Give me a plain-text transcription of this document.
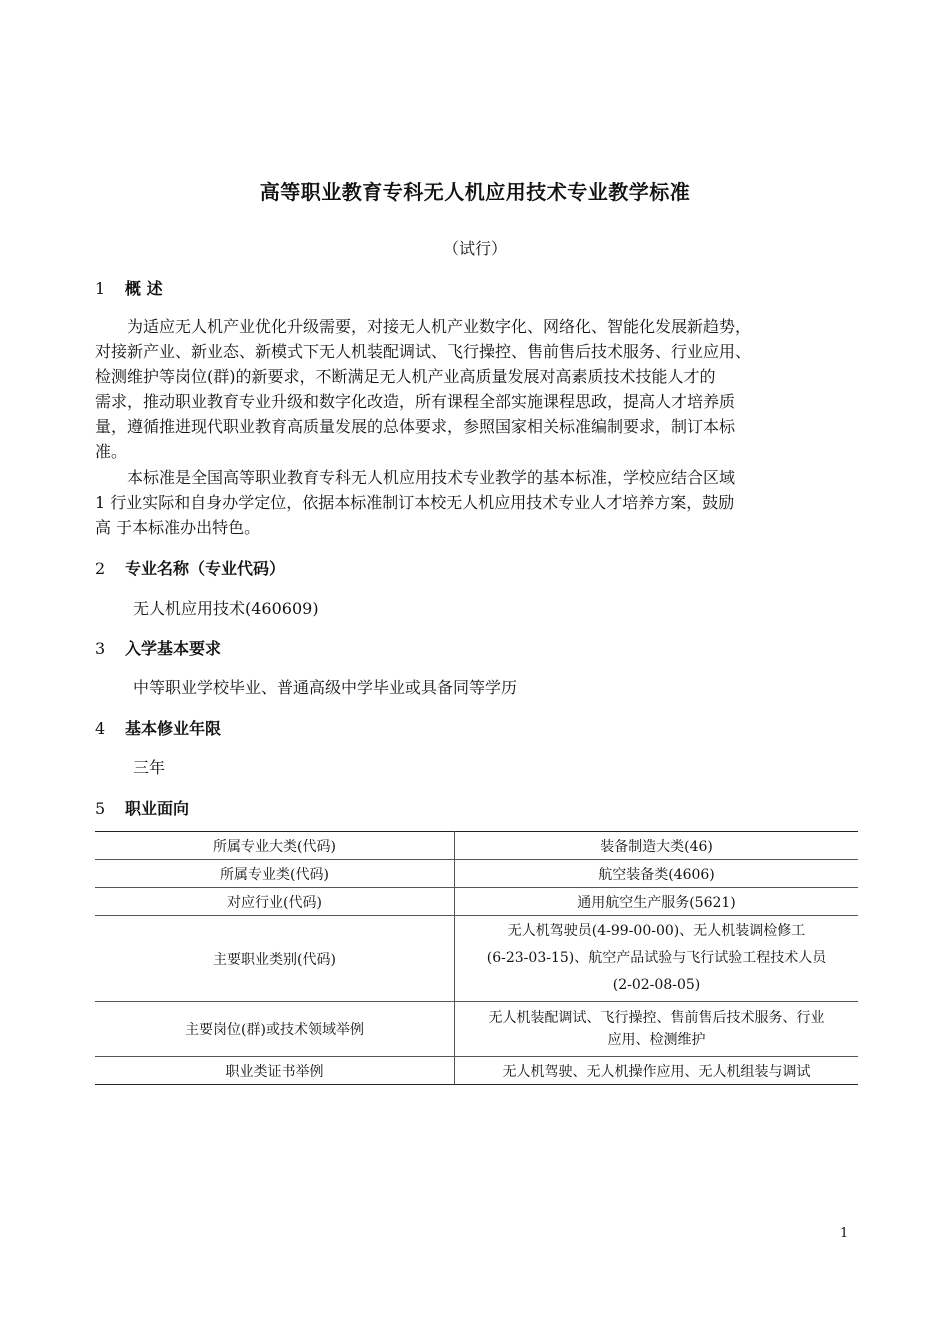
高等职业教育专科无人机应用技术专业教学标准
（试行）
1 概 述
　　为适应无人机产业优化升级需要，对接无人机产业数字化、网络化、智能化发展新趋势，
对接新产业、新业态、新模式下无人机装配调试、飞行操控、售前售后技术服务、行业应用、
检测维护等岗位(群)的新要求，不断满足无人机产业高质量发展对高素质技术技能人才的
需求，推动职业教育专业升级和数字化改造，所有课程全部实施课程思政，提高人才培养质
量，遵循推进现代职业教育高质量发展的总体要求，参照国家相关标准编制要求，制订本标
准。
　　本标准是全国高等职业教育专科无人机应用技术专业教学的基本标准，学校应结合区域
1 行业实际和自身办学定位，依据本标准制订本校无人机应用技术专业人才培养方案，鼓励
高 于本标准办出特色。
2 专业名称（专业代码）
无人机应用技术(460609)
3 入学基本要求
中等职业学校毕业、普通高级中学毕业或具备同等学历
4 基本修业年限
三年
5 职业面向
所属专业大类(代码)	装备制造大类(46)
所属专业类(代码)	航空装备类(4606)
对应行业(代码)	通用航空生产服务(5621)
主要职业类别(代码)	无人机驾驶员(4-99-00-00)、无人机装调检修工
(6-23-03-15)、航空产品试验与飞行试验工程技术人员
(2-02-08-05)

主要岗位(群)或技术领域举例	无人机装配调试、飞行操控、售前售后技术服务、行业
应用、检测维护

职业类证书举例	无人机驾驶、无人机操作应用、无人机组装与调试
1
